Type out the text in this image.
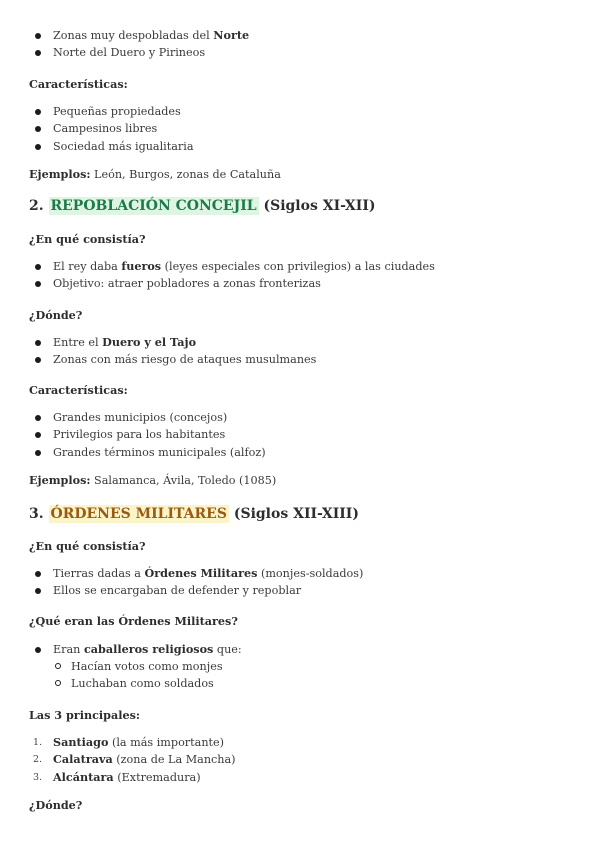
Zonas muy despobladas del Norte
Norte del Duero y Pirineos

Características:

Pequeñas propiedades
Campesinos libres
Sociedad más igualitaria

Ejemplos: León, Burgos, zonas de Cataluña

2. REPOBLACIÓN CONCEJIL (Siglos XI-XII)

¿En qué consistía?

El rey daba fueros (leyes especiales con privilegios) a las ciudades
Objetivo: atraer pobladores a zonas fronterizas

¿Dónde?

Entre el Duero y el Tajo
Zonas con más riesgo de ataques musulmanes

Características:

Grandes municipios (concejos)
Privilegios para los habitantes
Grandes términos municipales (alfoz)

Ejemplos: Salamanca, Ávila, Toledo (1085)

3. ÓRDENES MILITARES (Siglos XII-XIII)

¿En qué consistía?

Tierras dadas a Órdenes Militares (monjes-soldados)
Ellos se encargaban de defender y repoblar

¿Qué eran las Órdenes Militares?

Eran caballeros religiosos que:
Hacían votos como monjes
Luchaban como soldados

Las 3 principales:

1. Santiago (la más importante)
2. Calatrava (zona de La Mancha)
3. Alcántara (Extremadura)

¿Dónde?
